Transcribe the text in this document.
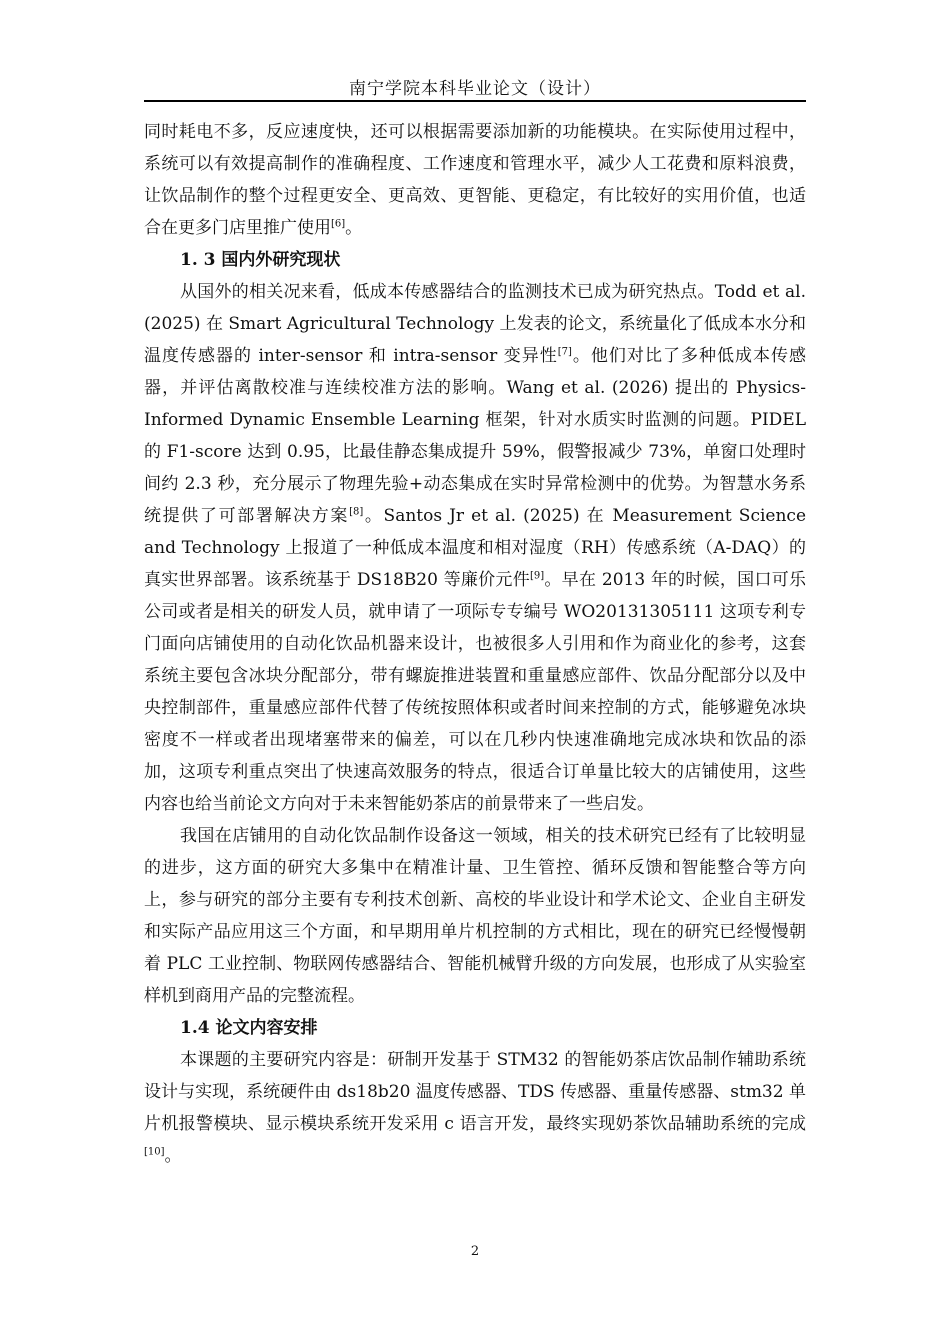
南宁学院本科毕业论文（设计）

同时耗电不多，反应速度快，还可以根据需要添加新的功能模块。在实际使用过程中，系统可以有效提高制作的准确程度、工作速度和管理水平，减少人工花费和原料浪费，让饮品制作的整个过程更安全、更高效、更智能、更稳定，有比较好的实用价值，也适合在更多门店里推广使用[6]。

1. 3 国内外研究现状

从国外的相关况来看，低成本传感器结合的监测技术已成为研究热点。Todd et al. (2025) 在 Smart Agricultural Technology 上发表的论文，系统量化了低成本水分和温度传感器的 inter-sensor 和 intra-sensor 变异性[7]。他们对比了多种低成本传感器，并评估离散校准与连续校准方法的影响。Wang et al. (2026) 提出的 Physics-Informed Dynamic Ensemble Learning 框架，针对水质实时监测的问题。PIDEL 的 F1-score 达到 0.95，比最佳静态集成提升 59%，假警报减少 73%，单窗口处理时间约 2.3 秒，充分展示了物理先验+动态集成在实时异常检测中的优势。为智慧水务系统提供了可部署解决方案[8]。Santos Jr et al. (2025) 在 Measurement Science and Technology 上报道了一种低成本温度和相对湿度（RH）传感系统（A-DAQ）的真实世界部署。该系统基于 DS18B20 等廉价元件[9]。早在 2013 年的时候，国口可乐公司或者是相关的研发人员，就申请了一项际专专编号 WO20131305111 这项专利专门面向店铺使用的自动化饮品机器来设计，也被很多人引用和作为商业化的参考，这套系统主要包含冰块分配部分，带有螺旋推进装置和重量感应部件、饮品分配部分以及中央控制部件，重量感应部件代替了传统按照体积或者时间来控制的方式，能够避免冰块密度不一样或者出现堵塞带来的偏差，可以在几秒内快速准确地完成冰块和饮品的添加，这项专利重点突出了快速高效服务的特点，很适合订单量比较大的店铺使用，这些内容也给当前论文方向对于未来智能奶茶店的前景带来了一些启发。

我国在店铺用的自动化饮品制作设备这一领域，相关的技术研究已经有了比较明显的进步，这方面的研究大多集中在精准计量、卫生管控、循环反馈和智能整合等方向上，参与研究的部分主要有专利技术创新、高校的毕业设计和学术论文、企业自主研发和实际产品应用这三个方面，和早期用单片机控制的方式相比，现在的研究已经慢慢朝着 PLC 工业控制、物联网传感器结合、智能机械臂升级的方向发展，也形成了从实验室样机到商用产品的完整流程。

1.4 论文内容安排

本课题的主要研究内容是：研制开发基于 STM32 的智能奶茶店饮品制作辅助系统设计与实现，系统硬件由 ds18b20 温度传感器、TDS 传感器、重量传感器、stm32 单片机报警模块、显示模块系统开发采用 c 语言开发，最终实现奶茶饮品辅助系统的完成[10]。

2
